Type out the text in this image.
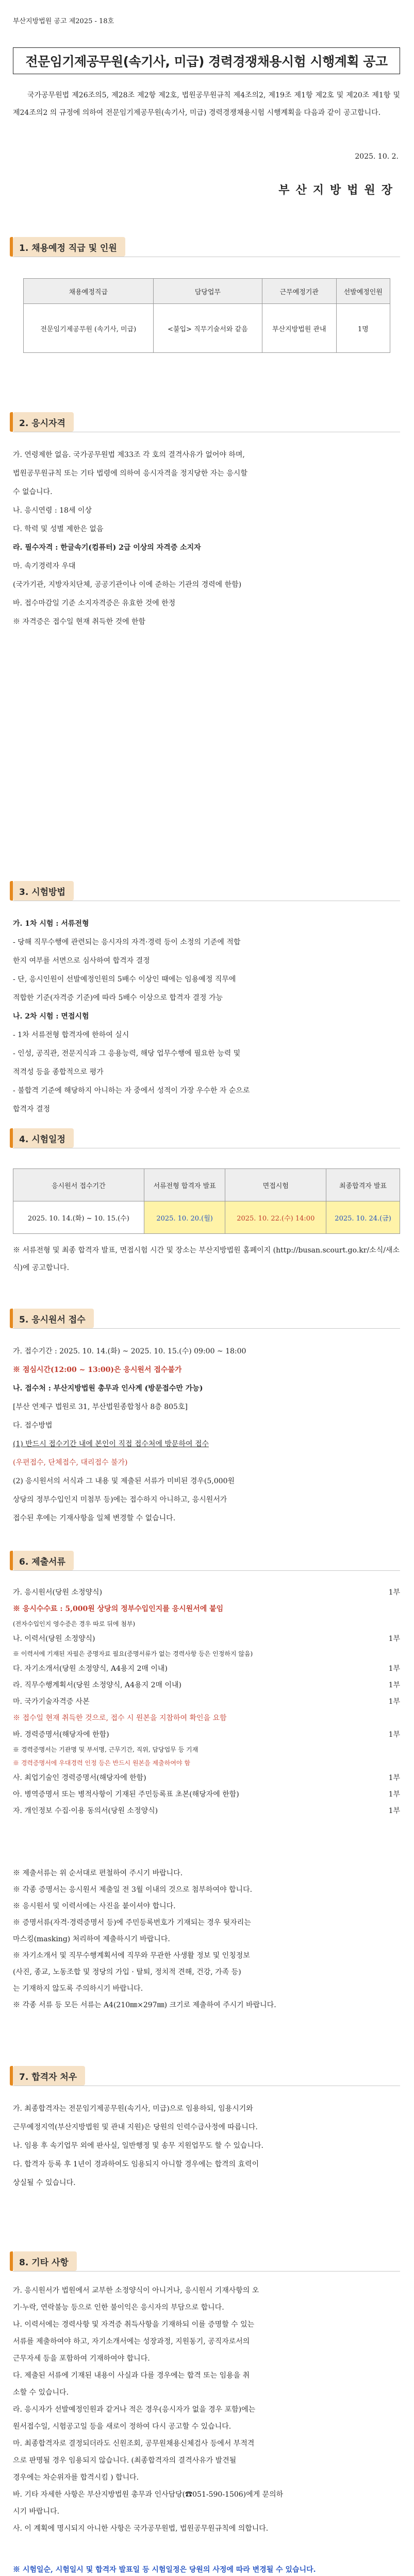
부산지방법원 공고 제2025 - 18호
전문임기제공무원(속기사, 미급) 경력경쟁채용시험 시행계획 공고
국가공무원법 제26조의5, 제28조 제2항 제2호, 법원공무원규칙 제4조의2, 제19조 제1항 제2호 및 제20조 제1항 및 제24조의2 의 규정에 의하여 전문임기제공무원(속기사, 미급) 경력경쟁채용시험 시행계획을 다음과 같이 공고합니다.
2025. 10. 2.
부산지방법원장
1. 채용예정 직급 및 인원
채용예정직급	담당업무	근무예정기관	선발예정인원
전문임기제공무원 (속기사, 미급)	<불입> 직무기술서와 같음	부산지방법원 관내	1명
2. 응시자격
가. 연령제한 없음. 국가공무원법 제33조 각 호의 결격사유가 없어야 하며,
법원공무원규칙 또는 기타 법령에 의하여 응시자격을 정지당한 자는 응시할
수 없습니다.
나. 응시연령 : 18세 이상
다. 학력 및 성별 제한은 없음
라. 필수자격 : 한글속기(컴퓨터) 2급 이상의 자격증 소지자
마. 속기경력자 우대
(국가기관, 지방자치단체, 공공기관이나 이에 준하는 기관의 경력에 한함)
바. 접수마감일 기준 소지자격증은 유효한 것에 한정
※ 자격증은 접수일 현재 취득한 것에 한함
3. 시험방법
가. 1차 시험 : 서류전형
- 당해 직무수행에 관련되는 응시자의 자격·경력 등이 소정의 기준에 적합
한지 여부를 서면으로 심사하여 합격자 결정
- 단, 응시인원이 선발예정인원의 5배수 이상인 때에는 임용예정 직무에
적합한 기준(자격증 기준)에 따라 5배수 이상으로 합격자 결정 가능
나. 2차 시험 : 면접시험
- 1차 서류전형 합격자에 한하여 실시
- 인성, 공직관, 전문지식과 그 응용능력, 해당 업무수행에 필요한 능력 및
적격성 등을 종합적으로 평가
- 불합격 기준에 해당하지 아니하는 자 중에서 성적이 가장 우수한 자 순으로
합격자 결정
4. 시험일정
응시원서 접수기간	서류전형 합격자 발표	면접시험	최종합격자 발표
2025. 10. 14.(화) ~ 10. 15.(수)	2025. 10. 20.(월)	2025. 10. 22.(수) 14:00	2025. 10. 24.(금)
※ 서류전형 및 최종 합격자 발표, 면접시험 시간 및 장소는 부산지방법원 홈페이지 (http://busan.scourt.go.kr/소식/새소식)에 공고합니다.
5. 응시원서 접수
가. 접수기간 : 2025. 10. 14.(화) ~ 2025. 10. 15.(수) 09:00 ~ 18:00
※ 점심시간(12:00 ~ 13:00)은 응시원서 접수불가
나. 접수처 : 부산지방법원 총무과 인사계 (방문접수만 가능)
[부산 연제구 법원로 31, 부산법원종합청사 8층 805호]
다. 접수방법
(1) 반드시 접수기간 내에 본인이 직접 접수처에 방문하여 접수
(우편접수, 단체접수, 대리접수 불가)
(2) 응시원서의 서식과 그 내용 및 제출된 서류가 미비된 경우(5,000원
상당의 정부수입인지 미첨부 등)에는 접수하지 아니하고, 응시원서가
접수된 후에는 기재사항을 일체 변경할 수 없습니다.
6. 제출서류
가. 응시원서(당원 소정양식)	1부
※ 응시수수료 : 5,000원 상당의 정부수입인지를 응시원서에 붙임
(전자수입인지 영수증은 경우 따로 뒤에 첨부)
나. 이력서(당원 소정양식)	1부
※ 이력서에 기재된 자필은 증명자료 필요(증명서류가 없는 경력사항 등은 인정하지 않음)
다. 자기소개서(당원 소정양식, A4용지 2매 이내)	1부
라. 직무수행계획서(당원 소정양식, A4용지 2매 이내)	1부
마. 국가기술자격증 사본	1부
※ 접수일 현재 취득한 것으로, 접수 시 원본을 지참하여 확인을 요함
바. 경력증명서(해당자에 한함)	1부
※ 경력증명서는 기관명 및 부서명, 근무기간, 직위, 담당업무 등 기재
※ 경력증명서에 우대경력 인정 등은 반드시 원본을 제출하여야 함
사. 최업기술인 경력증명서(해당자에 한함)	1부
아. 병역증명서 또는 병적사항이 기재된 주민등록표 초본(해당자에 한함)	1부
자. 개인정보 수집·이용 동의서(당원 소정양식)	1부
※ 제출서류는 위 순서대로 편철하여 주시기 바랍니다.
※ 각종 증명서는 응시원서 제출일 전 3월 이내의 것으로 첨부하여야 합니다.
※ 응시원서 및 이력서에는 사진을 붙이셔야 합니다.
※ 증명서류(자격·경력증명서 등)에 주민등록번호가 기재되는 경우 뒷자리는
마스킹(masking) 처리하여 제출하시기 바랍니다.
※ 자기소개서 및 직무수행계획서에 직무와 무관한 사생활 정보 및 인칭정보
(사진, 종교, 노동조합 및 정당의 가입 · 탈퇴, 정치적 견해, 건강, 가족 등)
는 기재하지 않도록 주의하시기 바랍니다.
※ 각종 서류 등 모든 서류는 A4(210㎜×297㎜) 크기로 제출하여 주시기 바랍니다.
7. 합격자 처우
가. 최종합격자는 전문임기제공무원(속기사, 미급)으로 임용하되, 임용시기와
근무예정지역(부산지방법원 및 관내 지원)은 당원의 인력수급사정에 따릅니다.
나. 임용 후 속기업무 외에 판사실, 일반행정 및 송무 지원업무도 할 수 있습니다.
다. 합격자 등록 후 1년이 경과하여도 임용되지 아니할 경우에는 합격의 효력이
상실될 수 있습니다.
8. 기타 사항
가. 응시원서가 법원에서 교부한 소정양식이 아니거나, 응시원서 기재사항의 오
기·누락, 연락불능 등으로 인한 불이익은 응시자의 부담으로 합니다.
나. 이력서에는 경력사항 및 자격증 취득사항을 기재하되 이를 증명할 수 있는
서류를 제출하여야 하고, 자기소개서에는 성장과정, 지원동기, 공직자로서의
근무자세 등을 포함하여 기재하여야 합니다.
다. 제출된 서류에 기재된 내용이 사실과 다를 경우에는 합격 또는 임용을 취
소할 수 있습니다.
라. 응시자가 선발예정인원과 같거나 적은 경우(응시자가 없을 경우 포함)에는
원서접수일, 시험공고일 등을 새로이 정하여 다시 공고할 수 있습니다.
마. 최종합격자로 결정되더라도 신원조회, 공무원채용신체검사 등에서 부적격
으로 판명될 경우 임용되지 않습니다. (최종합격자의 결격사유가 발견될
경우에는 차순위자를 합격시킴 ) 합니다.
바. 기타 자세한 사항은 부산지방법원 총무과 인사담당(☎051-590-1506)에게 문의하
시기 바랍니다.
사. 이 계획에 명시되지 아니한 사항은 국가공무원법, 법원공무원규칙에 의합니다.
※ 시험일순, 시험일시 및 합격자 발표일 등 시험일정은 당원의 사정에 따라 변경될 수 있습니다.
